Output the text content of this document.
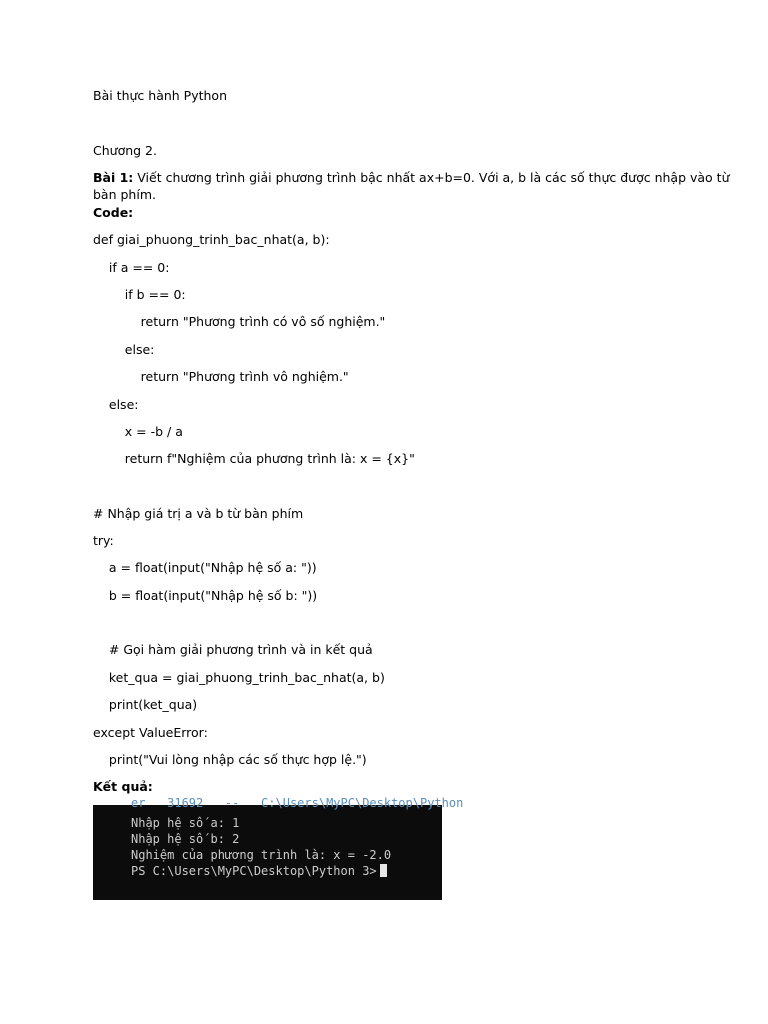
Bài thực hành Python
Chương 2.
Bài 1: Viết chương trình giải phương trình bậc nhất ax+b=0. Với a, b là các số thực được nhập vào từ
bàn phím.
Code:
def giai_phuong_trinh_bac_nhat(a, b):
if a == 0:
if b == 0:
return "Phương trình có vô số nghiệm."
else:
return "Phương trình vô nghiệm."
else:
x = -b / a
return f"Nghiệm của phương trình là: x = {x}"
# Nhập giá trị a và b từ bàn phím
try:
a = float(input("Nhập hệ số a: "))
b = float(input("Nhập hệ số b: "))
# Gọi hàm giải phương trình và in kết quả
ket_qua = giai_phuong_trinh_bac_nhat(a, b)
print(ket_qua)
except ValueError:
print("Vui lòng nhập các số thực hợp lệ.")
Kết quả:
er   31692   --   C:\Users\MyPC\Desktop\Python
Nhập hệ số a: 1
Nhập hệ số b: 2
Nghiệm của phương trình là: x = -2.0
PS C:\Users\MyPC\Desktop\Python 3>
